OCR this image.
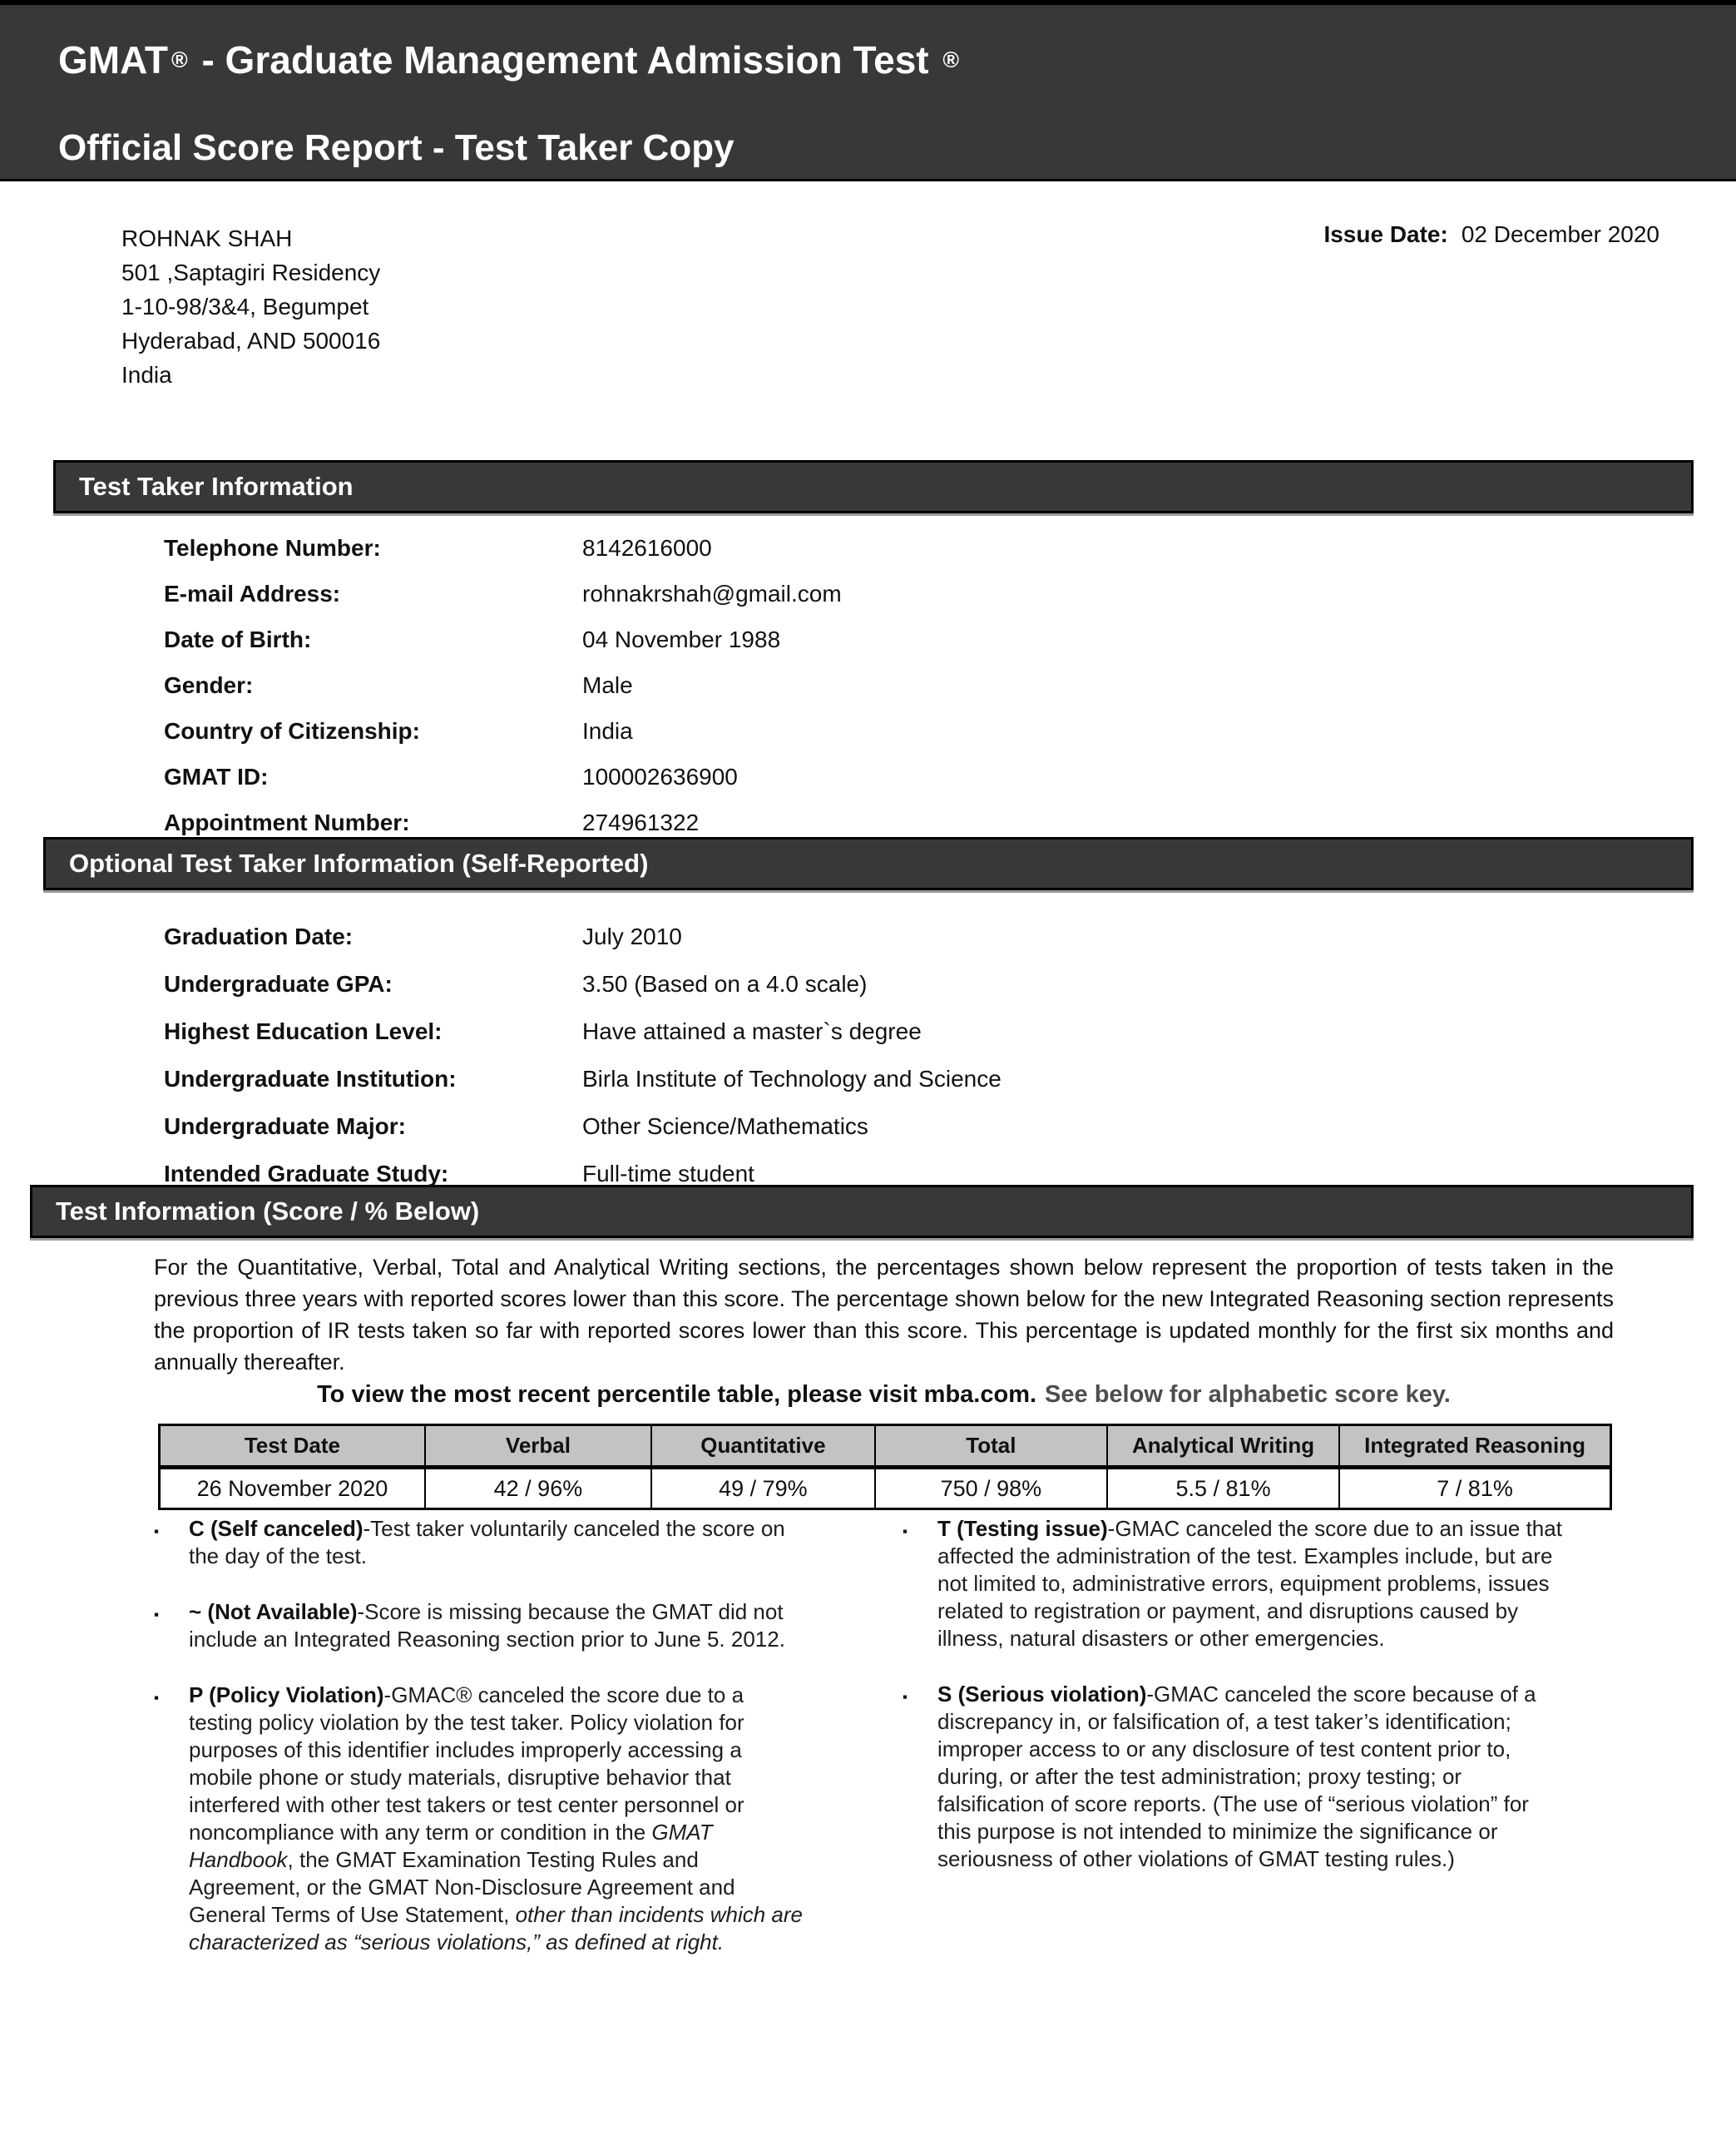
GMAT ® - Graduate Management Admission Test ®
Official Score Report - Test Taker Copy
ROHNAK SHAH
501 ,Saptagiri Residency
1-10-98/3&4, Begumpet
Hyderabad, AND 500016
India
Issue Date: 02 December 2020
Test Taker Information
Telephone Number:	8142616000
E-mail Address:	rohnakrshah@gmail.com
Date of Birth:	04 November 1988
Gender:	Male
Country of Citizenship:	India
GMAT ID:	100002636900
Appointment Number:	274961322
Optional Test Taker Information (Self-Reported)
Graduation Date:	July 2010
Undergraduate GPA:	3.50 (Based on a 4.0 scale)
Highest Education Level:	Have attained a master`s degree
Undergraduate Institution:	Birla Institute of Technology and Science
Undergraduate Major:	Other Science/Mathematics
Intended Graduate Study:	Full-time student
Test Information (Score / % Below)
For the Quantitative, Verbal, Total and Analytical Writing sections, the percentages shown below represent the proportion of tests taken in the previous three years with reported scores lower than this score. The percentage shown below for the new Integrated Reasoning section represents the proportion of IR tests taken so far with reported scores lower than this score. This percentage is updated monthly for the first six months and annually thereafter.
To view the most recent percentile table, please visit mba.com. See below for alphabetic score key.
Test Date	Verbal	Quantitative	Total	Analytical Writing	Integrated Reasoning
26 November 2020	42 / 96%	49 / 79%	750 / 98%	5.5 / 81%	7 / 81%
▪	C (Self canceled)-Test taker voluntarily canceled the score on the day of the test.
▪	~ (Not Available)-Score is missing because the GMAT did not include an Integrated Reasoning section prior to June 5. 2012.
▪	P (Policy Violation)-GMAC® canceled the score due to a testing policy violation by the test taker. Policy violation for purposes of this identifier includes improperly accessing a mobile phone or study materials, disruptive behavior that interfered with other test takers or test center personnel or noncompliance with any term or condition in the GMAT Handbook, the GMAT Examination Testing Rules and Agreement, or the GMAT Non-Disclosure Agreement and General Terms of Use Statement, other than incidents which are characterized as “serious violations,” as defined at right.
▪	T (Testing issue)-GMAC canceled the score due to an issue that affected the administration of the test. Examples include, but are not limited to, administrative errors, equipment problems, issues related to registration or payment, and disruptions caused by illness, natural disasters or other emergencies.
▪	S (Serious violation)-GMAC canceled the score because of a discrepancy in, or falsification of, a test taker’s identification; improper access to or any disclosure of test content prior to, during, or after the test administration; proxy testing; or falsification of score reports. (The use of “serious violation” for this purpose is not intended to minimize the significance or seriousness of other violations of GMAT testing rules.)
